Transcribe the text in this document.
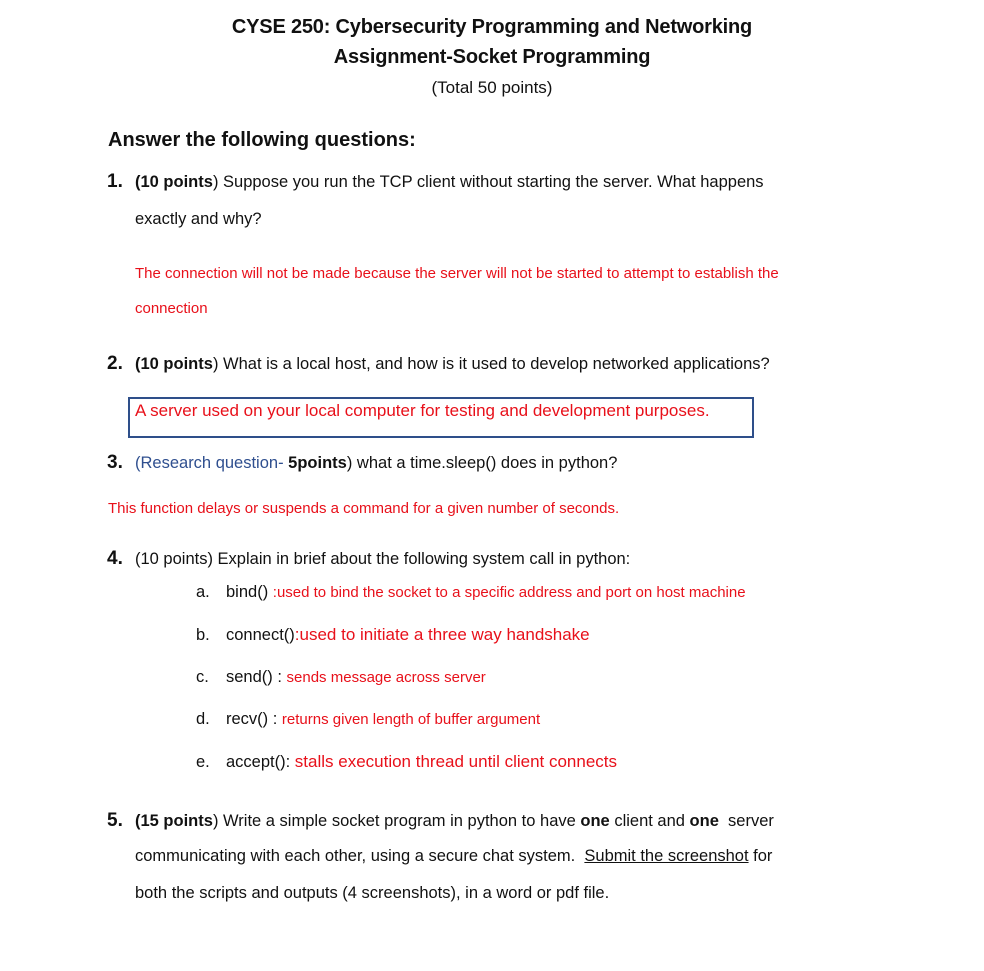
CYSE 250: Cybersecurity Programming and Networking
Assignment-Socket Programming
(Total 50 points)
Answer the following questions:
1. (10 points) Suppose you run the TCP client without starting the server. What happens
exactly and why?
The connection will not be made because the server will not be started to attempt to establish the
connection
2. (10 points) What is a local host, and how is it used to develop networked applications?
A server used on your local computer for testing and development purposes.
3. (Research question- 5points) what a time.sleep() does in python?
This function delays or suspends a command for a given number of seconds.
4. (10 points) Explain in brief about the following system call in python:
a. bind() :used to bind the socket to a specific address and port on host machine
b. connect():used to initiate a three way handshake
c. send() : sends message across server
d. recv() : returns given length of buffer argument
e. accept(): stalls execution thread until client connects
5. (15 points) Write a simple socket program in python to have one client and one  server
communicating with each other, using a secure chat system.  Submit the screenshot for
both the scripts and outputs (4 screenshots), in a word or pdf file.
